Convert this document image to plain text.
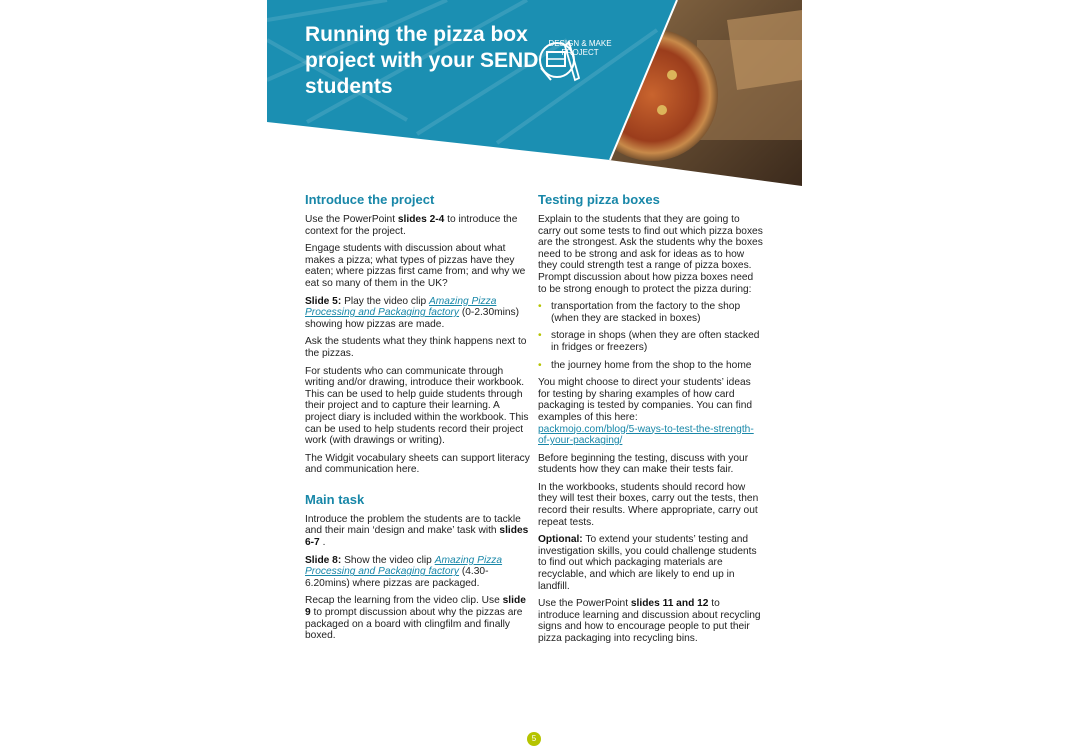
Running the pizza box project with your SEND students
DESIGN & MAKE PROJECT
Introduce the project

Use the PowerPoint slides 2-4 to introduce the context for the project.

Engage students with discussion about what makes a pizza; what types of pizzas have they eaten; where pizzas first came from; and why we eat so many of them in the UK?

Slide 5: Play the video clip Amazing Pizza Processing and Packaging factory (0-2.30mins) showing how pizzas are made.

Ask the students what they think happens next to the pizzas.

For students who can communicate through writing and/or drawing, introduce their workbook. This can be used to help guide students through their project and to capture their learning. A project diary is included within the workbook. This can be used to help students record their project work (with drawings or writing).

The Widgit vocabulary sheets can support literacy and communication here.

Main task

Introduce the problem the students are to tackle and their main ‘design and make’ task with slides 6-7 .

Slide 8: Show the video clip Amazing Pizza Processing and Packaging factory (4.30-6.20mins) where pizzas are packaged.

Recap the learning from the video clip. Use slide 9 to prompt discussion about why the pizzas are packaged on a board with clingfilm and finally boxed.

Testing pizza boxes

Explain to the students that they are going to carry out some tests to find out which pizza boxes are the strongest. Ask the students why the boxes need to be strong and ask for ideas as to how they could strength test a range of pizza boxes. Prompt discussion about how pizza boxes need to be strong enough to protect the pizza during:

• transportation from the factory to the shop (when they are stacked in boxes)
• storage in shops (when they are often stacked in fridges or freezers)
• the journey home from the shop to the home

You might choose to direct your students’ ideas for testing by sharing examples of how card packaging is tested by companies. You can find examples of this here:
packmojo.com/blog/5-ways-to-test-the-strength-of-your-packaging/

Before beginning the testing, discuss with your students how they can make their tests fair.

In the workbooks, students should record how they will test their boxes, carry out the tests, then record their results. Where appropriate, carry out repeat tests.

Optional: To extend your students’ testing and investigation skills, you could challenge students to find out which packaging materials are recyclable, and which are likely to end up in landfill.

Use the PowerPoint slides 11 and 12 to introduce learning and discussion about recycling signs and how to encourage people to put their pizza packaging into recycling bins.

5
